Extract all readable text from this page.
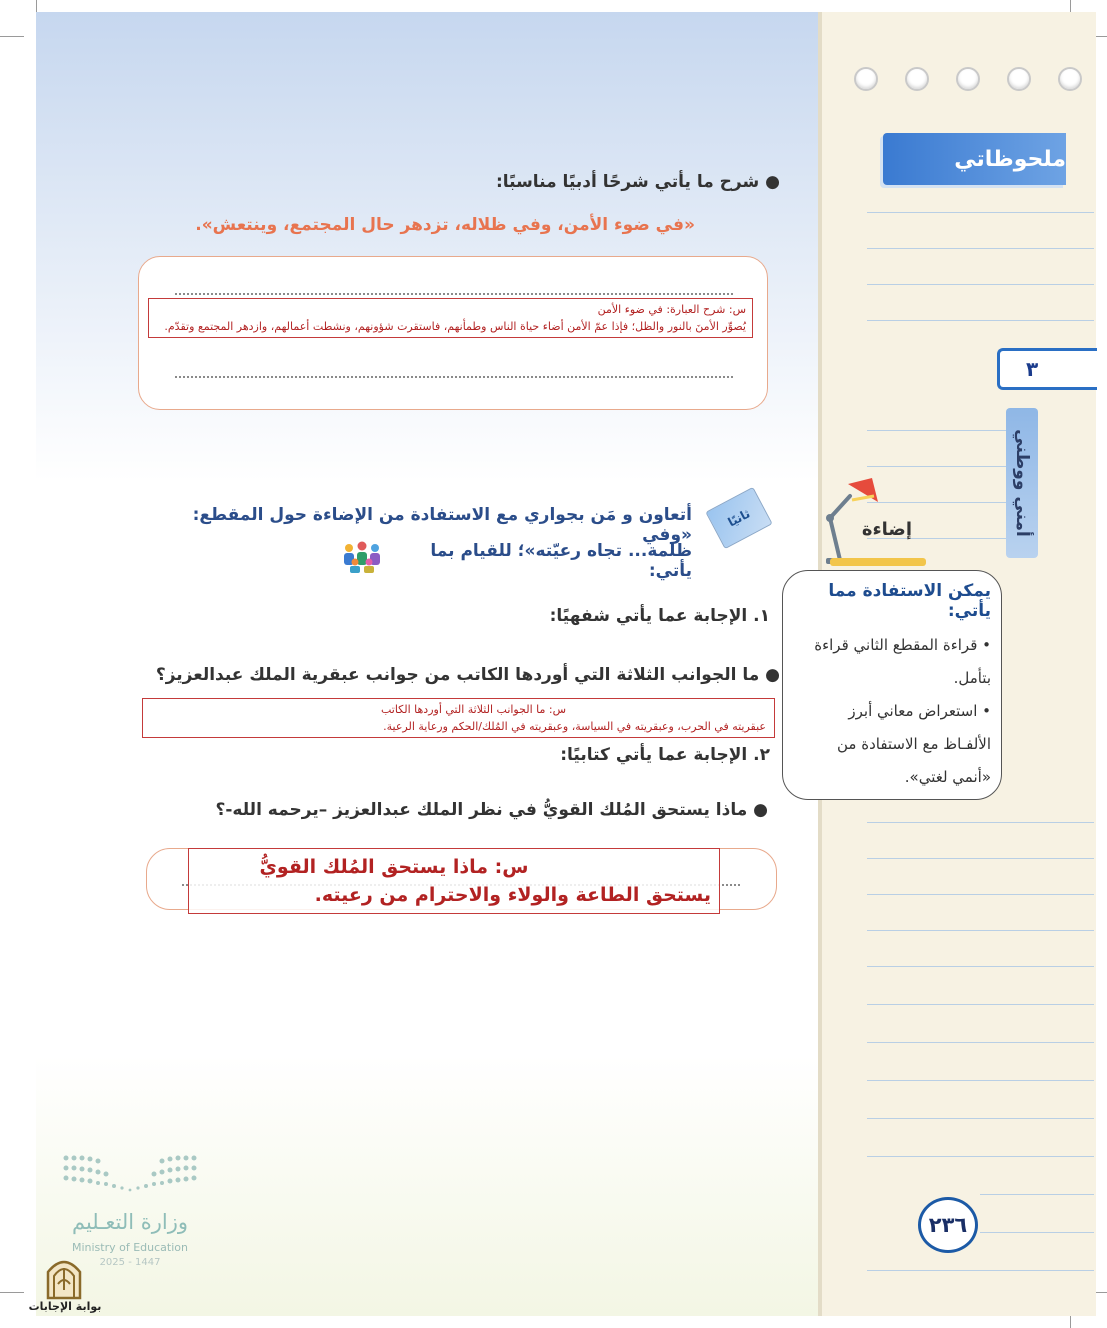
ملحوظاتي
٣
أمني ووطني
● شرح ما يأتي شرحًا أدبيًا مناسبًا:
«في ضوء الأمن، وفي ظلاله، تزدهر حال المجتمع، وينتعش».
س: شرح العبارة: في ضوء الأمن
يُصوِّر الأمنَ بالنور والظل؛ فإذا عمّ الأمن أضاء حياة الناس وطمأنهم، فاستقرت شؤونهم، ونشطت أعمالهم، وازدهر المجتمع وتقدّم.
ثانيًا
أتعاون و مَن بجواري مع الاستفادة من الإضاءة حول المقطع: «وفي
ظلمة... تجاه رعيّته»؛ للقيام بما يأتي:
١. الإجابة عما يأتي شفهيًا:
● ما الجوانب الثلاثة التي أوردها الكاتب من جوانب عبقرية الملك عبدالعزيز؟
س: ما الجوانب الثلاثة التي أوردها الكاتب
عبقريته في الحرب، وعبقريته في السياسة، وعبقريته في المُلك/الحكم ورعاية الرعية.
٢. الإجابة عما يأتي كتابيًا:
● ماذا يستحق المُلك القويُّ في نظر الملك عبدالعزيز –يرحمه الله-؟
س: ماذا يستحق المُلك القويُّ
يستحق الطاعة والولاء والاحترام من رعيته.
إضاءة
يمكن الاستفادة مما يأتي:
• قراءة المقطع الثاني قراءة بتأمل.
• استعراض معاني أبرز الألفـاظ مع الاستفادة من «أنمي لغتي».
٢٣٦
وزارة التعـليم
Ministry of Education
2025 - 1447
بوابة الإجابات
